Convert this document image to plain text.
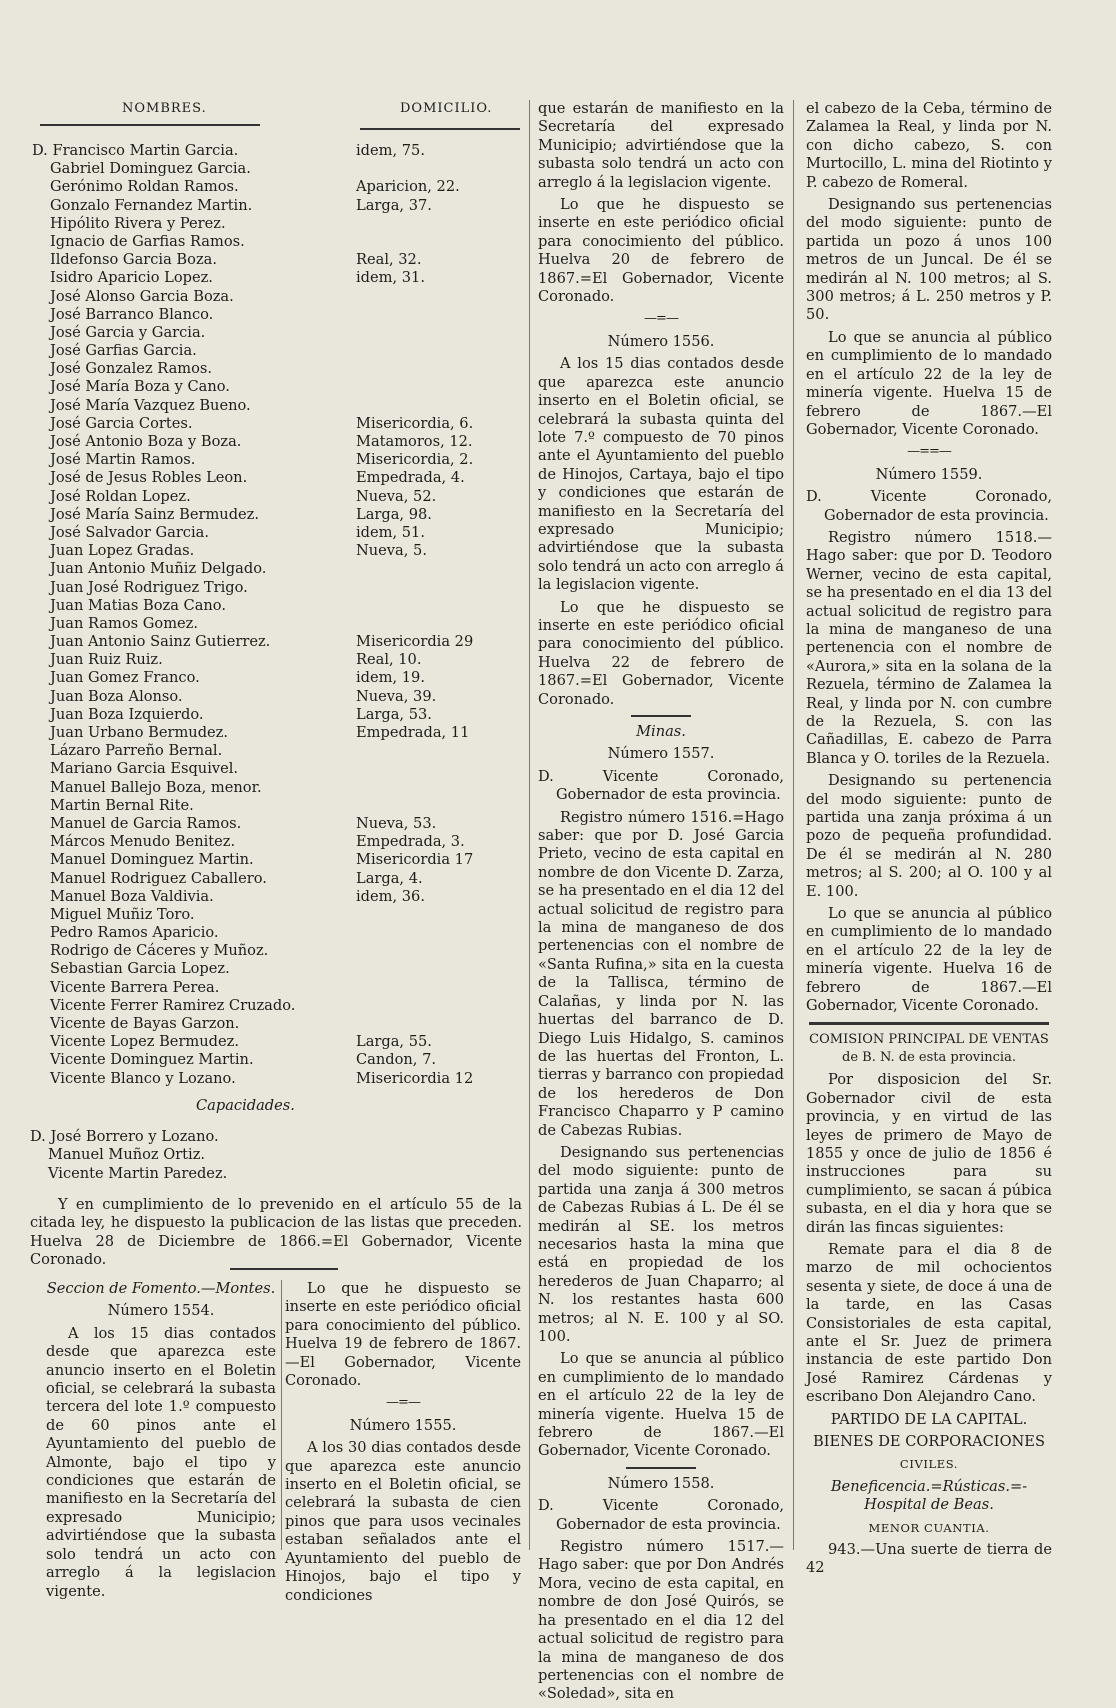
NOMBRES.	DOMICILIO.
D. Francisco Martin Garcia.	idem, 75.
Gabriel Dominguez Garcia.
Gerónimo Roldan Ramos.	Aparicion, 22.
Gonzalo Fernandez Martin.	Larga, 37.
Hipólito Rivera y Perez.
Ignacio de Garfias Ramos.
Ildefonso Garcia Boza.	Real, 32.
Isidro Aparicio Lopez.	idem, 31.
José Alonso Garcia Boza.
José Barranco Blanco.
José Garcia y Garcia.
José Garfias Garcia.
José Gonzalez Ramos.
José María Boza y Cano.
José María Vazquez Bueno.
José Garcia Cortes.	Misericordia, 6.
José Antonio Boza y Boza.	Matamoros, 12.
José Martin Ramos.	Misericordia, 2.
José de Jesus Robles Leon.	Empedrada, 4.
José Roldan Lopez.	Nueva, 52.
José María Sainz Bermudez.	Larga, 98.
José Salvador Garcia.	idem, 51.
Juan Lopez Gradas.	Nueva, 5.
Juan Antonio Muñiz Delgado.
Juan José Rodriguez Trigo.
Juan Matias Boza Cano.
Juan Ramos Gomez.
Juan Antonio Sainz Gutierrez.	Misericordia 29
Juan Ruiz Ruiz.	Real, 10.
Juan Gomez Franco.	idem, 19.
Juan Boza Alonso.	Nueva, 39.
Juan Boza Izquierdo.	Larga, 53.
Juan Urbano Bermudez.	Empedrada, 11
Lázaro Parreño Bernal.
Mariano Garcia Esquivel.
Manuel Ballejo Boza, menor.
Martin Bernal Rite.
Manuel de Garcia Ramos.	Nueva, 53.
Márcos Menudo Benitez.	Empedrada, 3.
Manuel Dominguez Martin.	Misericordia 17
Manuel Rodriguez Caballero.	Larga, 4.
Manuel Boza Valdivia.	idem, 36.
Miguel Muñiz Toro.
Pedro Ramos Aparicio.
Rodrigo de Cáceres y Muñoz.
Sebastian Garcia Lopez.
Vicente Barrera Perea.
Vicente Ferrer Ramirez Cruzado.
Vicente de Bayas Garzon.
Vicente Lopez Bermudez.	Larga, 55.
Vicente Dominguez Martin.	Candon, 7.
Vicente Blanco y Lozano.	Misericordia 12
Capacidades.
D. José Borrero y Lozano.
Manuel Muñoz Ortiz.
Vicente Martin Paredez.
Y en cumplimiento de lo prevenido en el artículo 55 de la citada ley, he dispuesto la publicacion de las listas que preceden. Huelva 28 de Diciembre de 1866.=El Gobernador, Vicente Coronado.

Seccion de Fomento.—Montes.

Número 1554.

A los 15 dias contados desde que aparezca este anuncio inserto en el Boletin oficial, se celebrará la subasta tercera del lote 1.º compuesto de 60 pinos ante el Ayuntamiento del pueblo de Almonte, bajo el tipo y condiciones que estarán de manifiesto en la Secretaría del expresado Municipio; advirtiéndose que la subasta solo tendrá un acto con arreglo á la legislacion vigente.

Lo que he dispuesto se inserte en este periódico oficial para conocimiento del público. Huelva 19 de febrero de 1867.—El Gobernador, Vicente Coronado.

—=—

Número 1555.

A los 30 dias contados desde que aparezca este anuncio inserto en el Boletin oficial, se celebrará la subasta de cien pinos que para usos vecinales estaban señalados ante el Ayuntamiento del pueblo de Hinojos, bajo el tipo y condiciones

que estarán de manifiesto en la Secretaría del expresado Municipio; advirtiéndose que la subasta solo tendrá un acto con arreglo á la legislacion vigente.

Lo que he dispuesto se inserte en este periódico oficial para conocimiento del público. Huelva 20 de febrero de 1867.=El Gobernador, Vicente Coronado.

—=—

Número 1556.

A los 15 dias contados desde que aparezca este anuncio inserto en el Boletin oficial, se celebrará la subasta quinta del lote 7.º compuesto de 70 pinos ante el Ayuntamiento del pueblo de Hinojos, Cartaya, bajo el tipo y condiciones que estarán de manifiesto en la Secretaría del expresado Municipio; advirtiéndose que la subasta solo tendrá un acto con arreglo á la legislacion vigente.

Lo que he dispuesto se inserte en este periódico oficial para conocimiento del público. Huelva 22 de febrero de 1867.=El Gobernador, Vicente Coronado.

Minas.

Número 1557.

D. Vicente Coronado, Gobernador de esta provincia.

Registro número 1516.=Hago saber: que por D. José Garcia Prieto, vecino de esta capital en nombre de don Vicente D. Zarza, se ha presentado en el dia 12 del actual solicitud de registro para la mina de manganeso de dos pertenencias con el nombre de «Santa Rufina,» sita en la cuesta de la Tallisca, término de Calañas, y linda por N. las huertas del barranco de D. Diego Luis Hidalgo, S. caminos de las huertas del Fronton, L. tierras y barranco con propiedad de los herederos de Don Francisco Chaparro y P camino de Cabezas Rubias.

Designando sus pertenencias del modo siguiente: punto de partida una zanja á 300 metros de Cabezas Rubias á L. De él se medirán al SE. los metros necesarios hasta la mina que está en propiedad de los herederos de Juan Chaparro; al N. los restantes hasta 600 metros; al N. E. 100 y al SO. 100.

Lo que se anuncia al público en cumplimiento de lo mandado en el artículo 22 de la ley de minería vigente. Huelva 15 de febrero de 1867.—El Gobernador, Vicente Coronado.

Número 1558.

D. Vicente Coronado, Gobernador de esta provincia.

Registro número 1517.—Hago saber: que por Don Andrés Mora, vecino de esta capital, en nombre de don José Quirós, se ha presentado en el dia 12 del actual solicitud de registro para la mina de manganeso de dos pertenencias con el nombre de «Soledad», sita en

el cabezo de la Ceba, término de Zalamea la Real, y linda por N. con dicho cabezo, S. con Murtocillo, L. mina del Riotinto y P. cabezo de Romeral.

Designando sus pertenencias del modo siguiente: punto de partida un pozo á unos 100 metros de un Juncal. De él se medirán al N. 100 metros; al S. 300 metros; á L. 250 metros y P. 50.

Lo que se anuncia al público en cumplimiento de lo mandado en el artículo 22 de la ley de minería vigente. Huelva 15 de febrero de 1867.—El Gobernador, Vicente Coronado.

—==—

Número 1559.

D. Vicente Coronado, Gobernador de esta provincia.

Registro número 1518.—Hago saber: que por D. Teodoro Werner, vecino de esta capital, se ha presentado en el dia 13 del actual solicitud de registro para la mina de manganeso de una pertenencia con el nombre de «Aurora,» sita en la solana de la Rezuela, término de Zalamea la Real, y linda por N. con cumbre de la Rezuela, S. con las Cañadillas, E. cabezo de Parra Blanca y O. toriles de la Rezuela.

Designando su pertenencia del modo siguiente: punto de partida una zanja próxima á un pozo de pequeña profundidad. De él se medirán al N. 280 metros; al S. 200; al O. 100 y al E. 100.

Lo que se anuncia al público en cumplimiento de lo mandado en el artículo 22 de la ley de minería vigente. Huelva 16 de febrero de 1867.—El Gobernador, Vicente Coronado.

COMISION PRINCIPAL DE VENTAS de B. N. de esta provincia.

Por disposicion del Sr. Gobernador civil de esta provincia, y en virtud de las leyes de primero de Mayo de 1855 y once de julio de 1856 é instrucciones para su cumplimiento, se sacan á púbica subasta, en el dia y hora que se dirán las fincas siguientes:

Remate para el dia 8 de marzo de mil ochocientos sesenta y siete, de doce á una de la tarde, en las Casas Consistoriales de esta capital, ante el Sr. Juez de primera instancia de este partido Don José Ramirez Cárdenas y escribano Don Alejandro Cano.

PARTIDO DE LA CAPITAL.

BIENES DE CORPORACIONES

CIVILES.

Beneficencia.=Rústicas.=-Hospital de Beas.

MENOR CUANTIA.

943.—Una suerte de tierra de 42
